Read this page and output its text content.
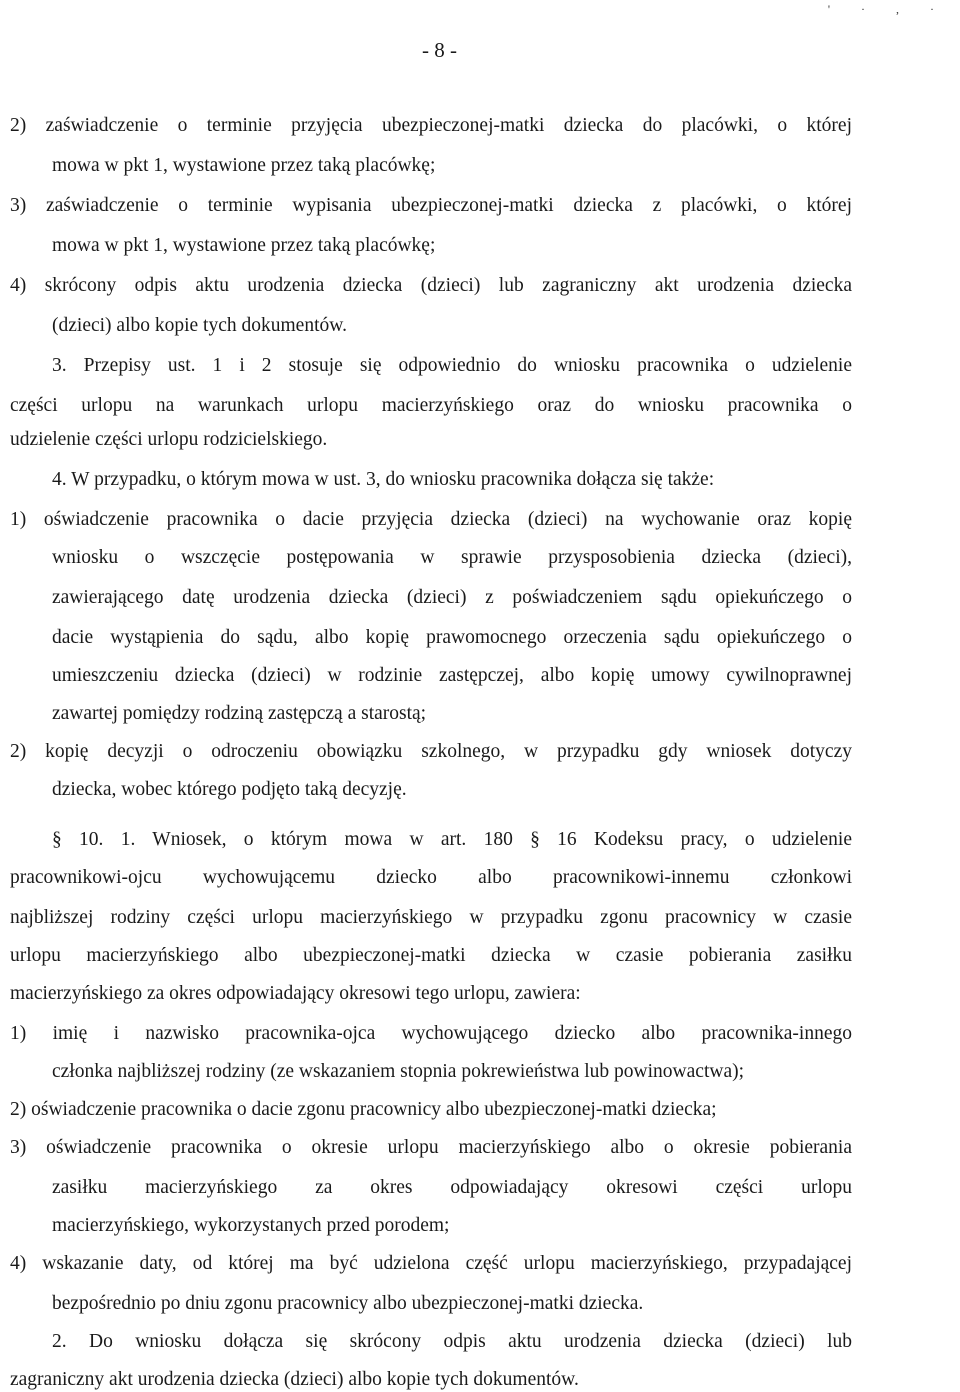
' · , ·
- 8 -
2) zaświadczenie o terminie przyjęcia ubezpieczonej-matki dziecka do placówki, o której
mowa w pkt 1, wystawione przez taką placówkę;
3) zaświadczenie o terminie wypisania ubezpieczonej-matki dziecka z placówki, o której
mowa w pkt 1, wystawione przez taką placówkę;
4) skrócony odpis aktu urodzenia dziecka (dzieci) lub zagraniczny akt urodzenia dziecka
(dzieci) albo kopie tych dokumentów.
3. Przepisy ust. 1 i 2 stosuje się odpowiednio do wniosku pracownika o udzielenie
części urlopu na warunkach urlopu macierzyńskiego oraz do wniosku pracownika o
udzielenie części urlopu rodzicielskiego.
4. W przypadku, o którym mowa w ust. 3, do wniosku pracownika dołącza się także:
1) oświadczenie pracownika o dacie przyjęcia dziecka (dzieci) na wychowanie oraz kopię
wniosku o wszczęcie postępowania w sprawie przysposobienia dziecka (dzieci),
zawierającego datę urodzenia dziecka (dzieci) z poświadczeniem sądu opiekuńczego o
dacie wystąpienia do sądu, albo kopię prawomocnego orzeczenia sądu opiekuńczego o
umieszczeniu dziecka (dzieci) w rodzinie zastępczej, albo kopię umowy cywilnoprawnej
zawartej pomiędzy rodziną zastępczą a starostą;
2) kopię decyzji o odroczeniu obowiązku szkolnego, w przypadku gdy wniosek dotyczy
dziecka, wobec którego podjęto taką decyzję.
§ 10. 1. Wniosek, o którym mowa w art. 180 § 16 Kodeksu pracy, o udzielenie
pracownikowi-ojcu wychowującemu dziecko albo pracownikowi-innemu członkowi
najbliższej rodziny części urlopu macierzyńskiego w przypadku zgonu pracownicy w czasie
urlopu macierzyńskiego albo ubezpieczonej-matki dziecka w czasie pobierania zasiłku
macierzyńskiego za okres odpowiadający okresowi tego urlopu, zawiera:
1) imię i nazwisko pracownika-ojca wychowującego dziecko albo pracownika-innego
członka najbliższej rodziny (ze wskazaniem stopnia pokrewieństwa lub powinowactwa);
2) oświadczenie pracownika o dacie zgonu pracownicy albo ubezpieczonej-matki dziecka;
3) oświadczenie pracownika o okresie urlopu macierzyńskiego albo o okresie pobierania
zasiłku macierzyńskiego za okres odpowiadający okresowi części urlopu
macierzyńskiego, wykorzystanych przed porodem;
4) wskazanie daty, od której ma być udzielona część urlopu macierzyńskiego, przypadającej
bezpośrednio po dniu zgonu pracownicy albo ubezpieczonej-matki dziecka.
2. Do wniosku dołącza się skrócony odpis aktu urodzenia dziecka (dzieci) lub
zagraniczny akt urodzenia dziecka (dzieci) albo kopie tych dokumentów.
